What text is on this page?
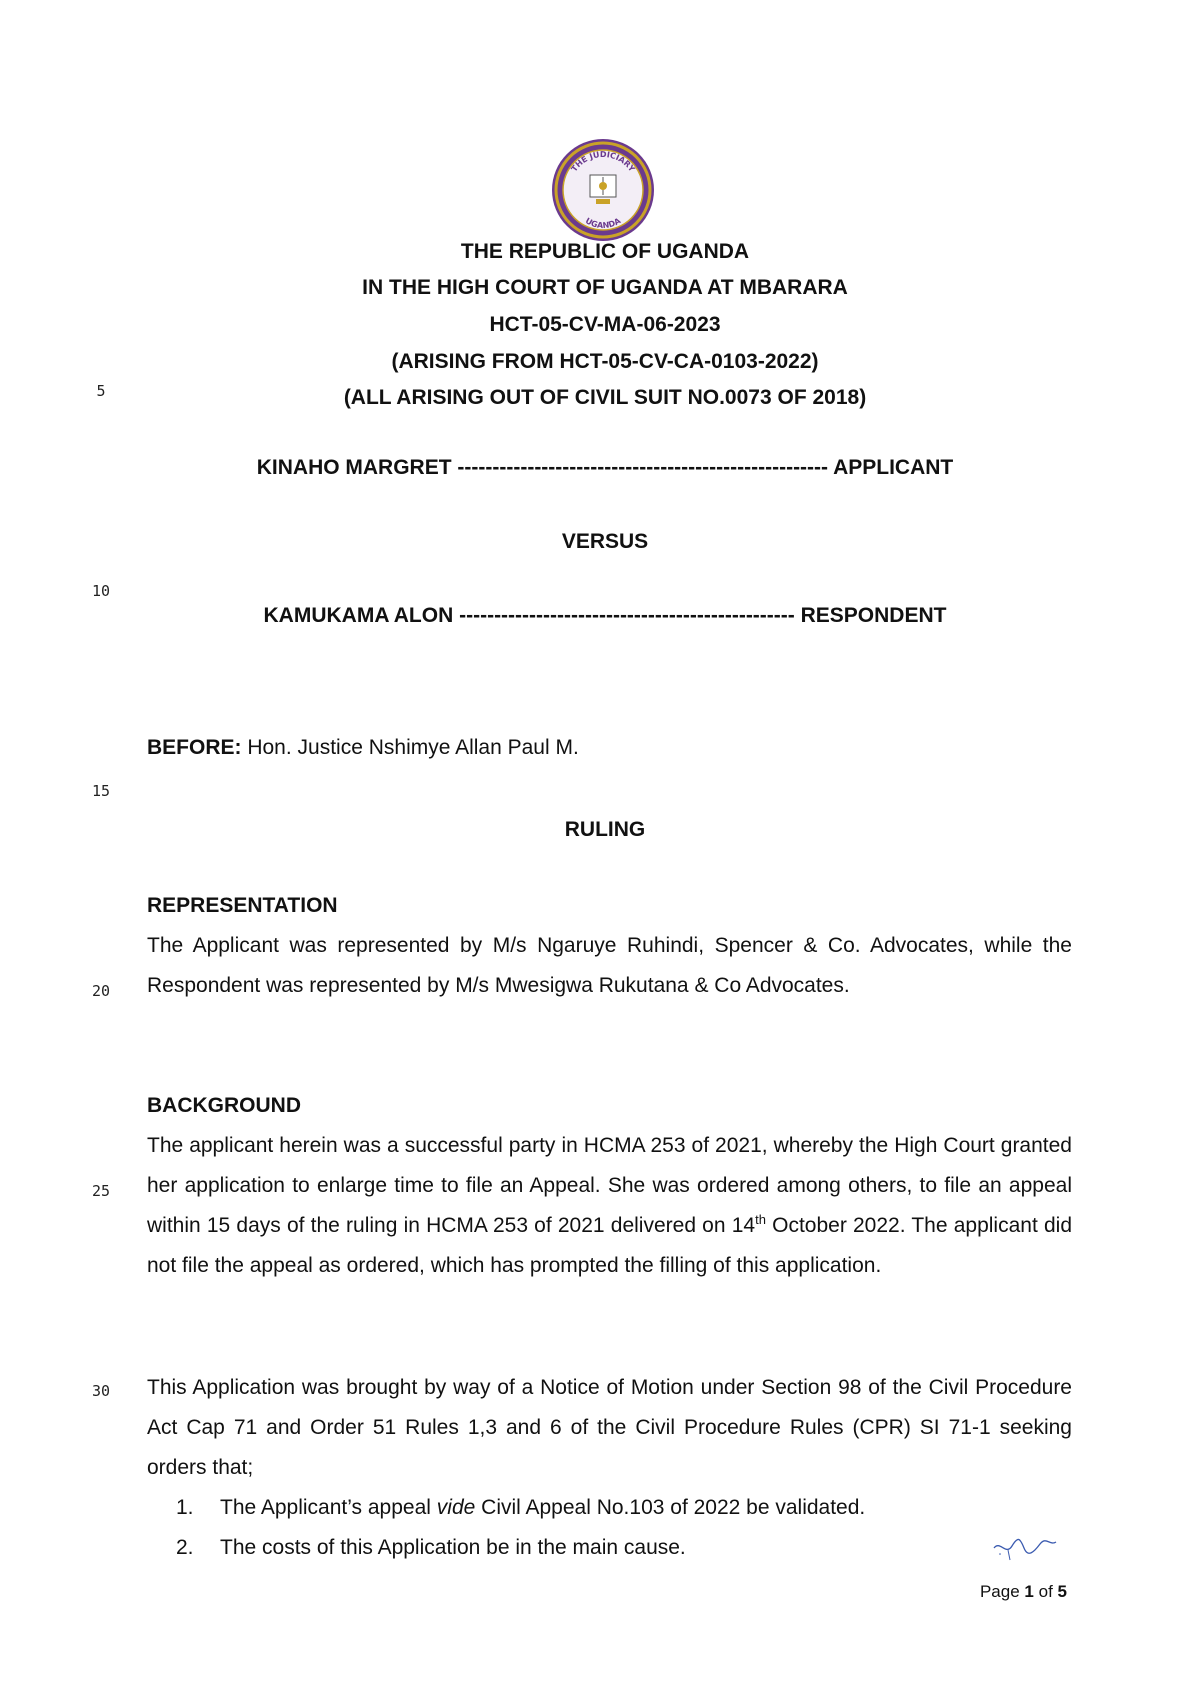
THE JUDICIARY
UGANDA
THE REPUBLIC OF UGANDA
IN THE HIGH COURT OF UGANDA AT MBARARA
HCT-05-CV-MA-06-2023
(ARISING FROM HCT-05-CV-CA-0103-2022)
(ALL ARISING OUT OF CIVIL SUIT NO.0073 OF 2018)
KINAHO MARGRET ----------------------------------------------------- APPLICANT
VERSUS
KAMUKAMA ALON ------------------------------------------------ RESPONDENT
BEFORE: Hon. Justice Nshimye Allan Paul M.
RULING
REPRESENTATION
The Applicant was represented by M/s Ngaruye Ruhindi, Spencer & Co. Advocates, while the Respondent was represented by M/s Mwesigwa Rukutana & Co Advocates.
BACKGROUND
The applicant herein was a successful party in HCMA 253 of 2021, whereby the High Court granted her application to enlarge time to file an Appeal. She was ordered among others, to file an appeal within 15 days of the ruling in HCMA 253 of 2021 delivered on 14th October 2022. The applicant did not file the appeal as ordered, which has prompted the filling of this application.
This Application was brought by way of a Notice of Motion under Section 98 of the Civil Procedure Act Cap 71 and Order 51 Rules 1,3 and 6 of the Civil Procedure Rules (CPR) SI 71-1 seeking orders that;
1. The Applicant’s appeal vide Civil Appeal No.103 of 2022 be validated.
2. The costs of this Application be in the main cause.
5
10
15
20
25
30
Page 1 of 5
